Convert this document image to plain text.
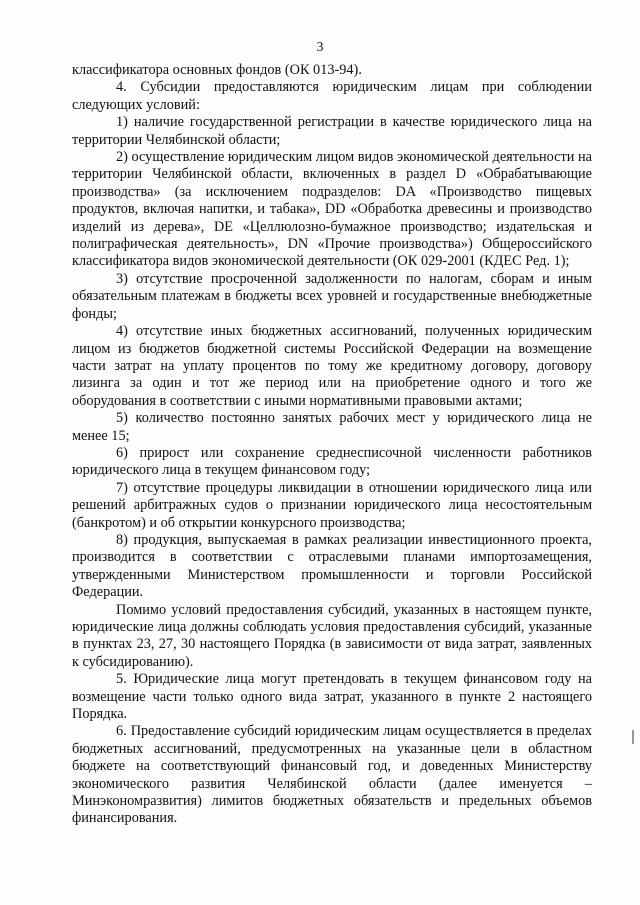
3

классификатора основных фондов (ОК 013-94).

4. Субсидии предоставляются юридическим лицам при соблюдении следующих условий:

1) наличие государственной регистрации в качестве юридического лица на территории Челябинской области;

2) осуществление юридическим лицом видов экономической деятельности на территории Челябинской области, включенных в раздел D «Обрабатывающие производства» (за исключением подразделов: DA «Производство пищевых продуктов, включая напитки, и табака», DD «Обработка древесины и производство изделий из дерева», DE «Целлюлозно-бумажное производство; издательская и полиграфическая деятельность», DN «Прочие производства») Общероссийского классификатора видов экономической деятельности (ОК 029-2001 (КДЕС Ред. 1);

3) отсутствие просроченной задолженности по налогам, сборам и иным обязательным платежам в бюджеты всех уровней и государственные внебюджетные фонды;

4) отсутствие иных бюджетных ассигнований, полученных юридическим лицом из бюджетов бюджетной системы Российской Федерации на возмещение части затрат на уплату процентов по тому же кредитному договору, договору лизинга за один и тот же период или на приобретение одного и того же оборудования в соответствии с иными нормативными правовыми актами;

5) количество постоянно занятых рабочих мест у юридического лица не менее 15;

6) прирост или сохранение среднесписочной численности работников юридического лица в текущем финансовом году;

7) отсутствие процедуры ликвидации в отношении юридического лица или решений арбитражных судов о признании юридического лица несостоятельным (банкротом) и об открытии конкурсного производства;

8) продукция, выпускаемая в рамках реализации инвестиционного проекта, производится в соответствии с отраслевыми планами импортозамещения, утвержденными Министерством промышленности и торговли Российской Федерации.

Помимо условий предоставления субсидий, указанных в настоящем пункте, юридические лица должны соблюдать условия предоставления субсидий, указанные в пунктах 23, 27, 30 настоящего Порядка (в зависимости от вида затрат, заявленных к субсидированию).

5. Юридические лица могут претендовать в текущем финансовом году на возмещение части только одного вида затрат, указанного в пункте 2 настоящего Порядка.

6. Предоставление субсидий юридическим лицам осуществляется в пределах бюджетных ассигнований, предусмотренных на указанные цели в областном бюджете на соответствующий финансовый год, и доведенных Министерству экономического развития Челябинской области (далее именуется – Минэкономразвития) лимитов бюджетных обязательств и предельных объемов финансирования.
